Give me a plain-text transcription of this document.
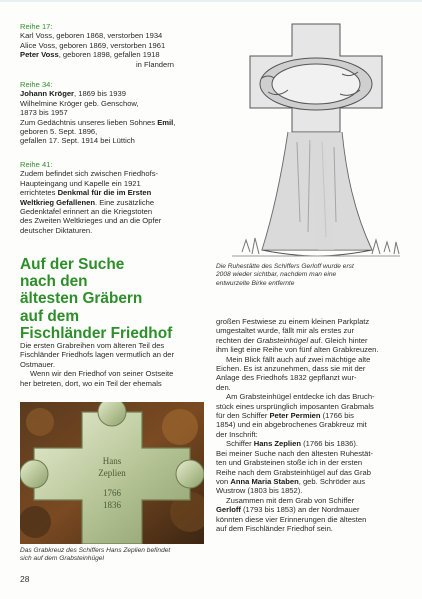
Reihe 17:
Karl Voss, geboren 1868, verstorben 1934
Alice Voss, geboren 1869, verstorben 1961
Peter Voss, geboren 1898, gefallen 1918
in Flandern

Reihe 34:
Johann Kröger, 1869 bis 1939
Wilhelmine Kröger geb. Genschow,
1873 bis 1957
Zum Gedächtnis unseres lieben Sohnes Emil,
geboren 5. Sept. 1896,
gefallen 17. Sept. 1914 bei Lüttich

Reihe 41:
Zudem befindet sich zwischen Friedhofs-
Haupteingang und Kapelle ein 1921
errichtetes Denkmal für die im Ersten
Weltkrieg Gefallenen. Eine zusätzliche
Gedenktafel erinnert an die Kriegstoten
des Zweiten Weltkrieges und an die Opfer
deutscher Diktaturen.

Auf der Suche
nach den
ältesten Gräbern
auf dem
Fischländer Friedhof

Die ersten Grabreihen vom älteren Teil des
Fischländer Friedhofs lagen vermutlich an der
Ostmauer.
Wenn wir den Friedhof von seiner Ostseite
her betreten, dort, wo ein Teil der ehemals

Hans
Zeplien
1766
1836

Das Grabkreuz des Schiffers Hans Zeplien befindet
sich auf dem Grabsteinhügel

28

Die Ruhestätte des Schiffers Gerloff wurde erst
2008 wieder sichtbar, nachdem man eine
entwurzelte Birke entfernte

großen Festwiese zu einem kleinen Parkplatz
umgestaltet wurde, fällt mir als erstes zur
rechten der Grabsteinhügel auf. Gleich hinter
ihm liegt eine Reihe von fünf alten Grabkreuzen.
Mein Blick fällt auch auf zwei mächtige alte
Eichen. Es ist anzunehmen, dass sie mit der
Anlage des Friedhofs 1832 gepflanzt wur-
den.
Am Grabsteinhügel entdecke ich das Bruch-
stück eines ursprünglich imposanten Grabmals
für den Schiffer Peter Permien (1766 bis
1854) und ein abgebrochenes Grabkreuz mit
der Inschrift:
Schiffer Hans Zeplien (1766 bis 1836).
Bei meiner Suche nach den ältesten Ruhestät-
ten und Grabsteinen stoße ich in der ersten
Reihe nach dem Grabsteinhügel auf das Grab
von Anna Maria Staben, geb. Schröder aus
Wustrow (1803 bis 1852).
Zusammen mit dem Grab von Schiffer
Gerloff (1793 bis 1853) an der Nordmauer
könnten diese vier Erinnerungen die ältesten
auf dem Fischländer Friedhof sein.
